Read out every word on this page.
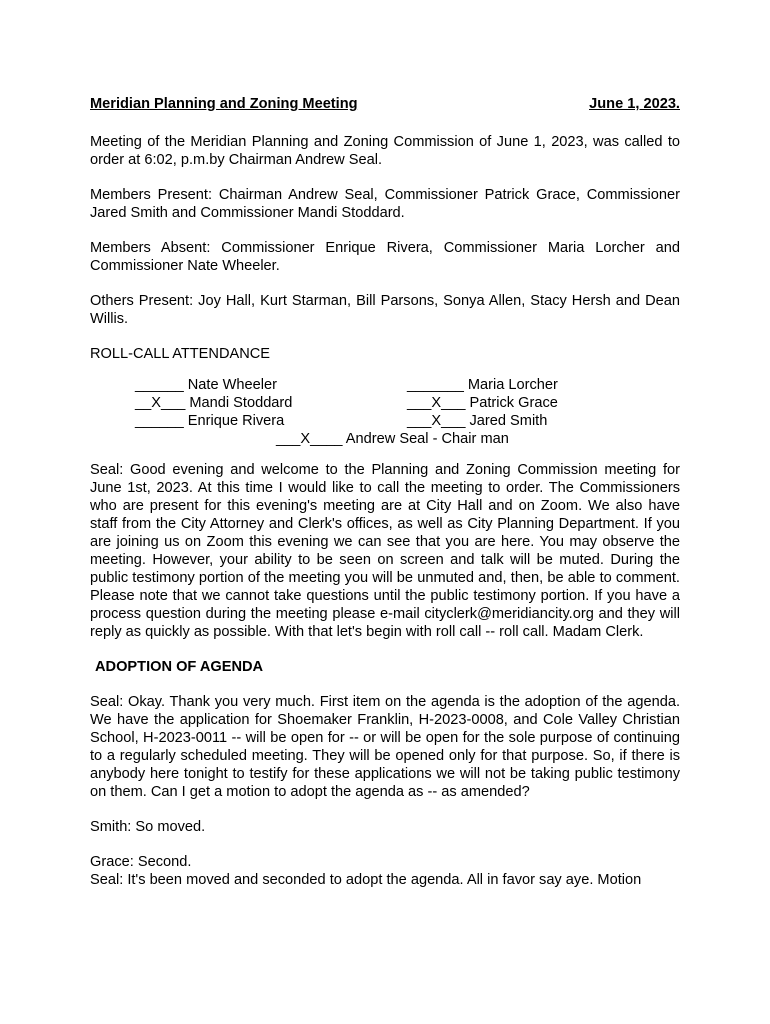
Meridian Planning and Zoning Meeting	June 1, 2023.

Meeting of the Meridian Planning and Zoning Commission of June 1, 2023, was called to order at 6:02, p.m.by Chairman Andrew Seal.

Members Present: Chairman Andrew Seal, Commissioner Patrick Grace, Commissioner Jared Smith and Commissioner Mandi Stoddard.

Members Absent: Commissioner Enrique Rivera, Commissioner Maria Lorcher and Commissioner Nate Wheeler.

Others Present: Joy Hall, Kurt Starman, Bill Parsons, Sonya Allen, Stacy Hersh and Dean Willis.

ROLL-CALL ATTENDANCE
______ Nate Wheeler	_______ Maria Lorcher
__X___ Mandi Stoddard	___X___ Patrick Grace
______ Enrique Rivera	___X___ Jared Smith
___X____ Andrew Seal - Chair man

Seal: Good evening and welcome to the Planning and Zoning Commission meeting for June 1st, 2023. At this time I would like to call the meeting to order. The Commissioners who are present for this evening's meeting are at City Hall and on Zoom. We also have staff from the City Attorney and Clerk's offices, as well as City Planning Department. If you are joining us on Zoom this evening we can see that you are here. You may observe the meeting. However, your ability to be seen on screen and talk will be muted. During the public testimony portion of the meeting you will be unmuted and, then, be able to comment. Please note that we cannot take questions until the public testimony portion. If you have a process question during the meeting please e-mail cityclerk@meridiancity.org and they will reply as quickly as possible. With that let's begin with roll call -- roll call. Madam Clerk.

ADOPTION OF AGENDA

Seal: Okay. Thank you very much. First item on the agenda is the adoption of the agenda. We have the application for Shoemaker Franklin, H-2023-0008, and Cole Valley Christian School, H-2023-0011 -- will be open for -- or will be open for the sole purpose of continuing to a regularly scheduled meeting. They will be opened only for that purpose. So, if there is anybody here tonight to testify for these applications we will not be taking public testimony on them. Can I get a motion to adopt the agenda as -- as amended?

Smith: So moved.

Grace: Second.

Seal: It's been moved and seconded to adopt the agenda. All in favor say aye. Motion
